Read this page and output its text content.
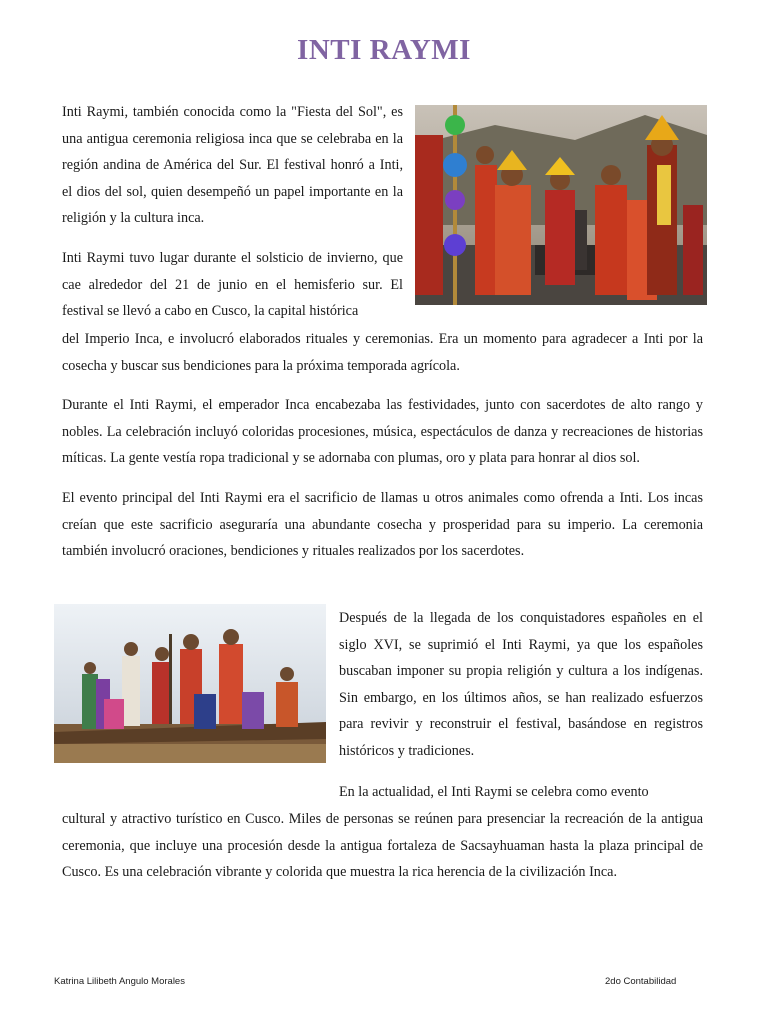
INTI RAYMI

Inti Raymi, también conocida como la "Fiesta del Sol", es una antigua ceremonia religiosa inca que se celebraba en la región andina de América del Sur. El festival honró a Inti, el dios del sol, quien desempeñó un papel importante en la religión y la cultura inca.

Inti Raymi tuvo lugar durante el solsticio de invierno, que cae alrededor del 21 de junio en el hemisferio sur. El festival se llevó a cabo en Cusco, la capital histórica

del Imperio Inca, e involucró elaborados rituales y ceremonias. Era un momento para agradecer a Inti por la cosecha y buscar sus bendiciones para la próxima temporada agrícola.

Durante el Inti Raymi, el emperador Inca encabezaba las festividades, junto con sacerdotes de alto rango y nobles. La celebración incluyó coloridas procesiones, música, espectáculos de danza y recreaciones de historias míticas. La gente vestía ropa tradicional y se adornaba con plumas, oro y plata para honrar al dios sol.

El evento principal del Inti Raymi era el sacrificio de llamas u otros animales como ofrenda a Inti. Los incas creían que este sacrificio aseguraría una abundante cosecha y prosperidad para su imperio. La ceremonia también involucró oraciones, bendiciones y rituales realizados por los sacerdotes.

Después de la llegada de los conquistadores españoles en el siglo XVI, se suprimió el Inti Raymi, ya que los españoles buscaban imponer su propia religión y cultura a los indígenas. Sin embargo, en los últimos años, se han realizado esfuerzos para revivir y reconstruir el festival, basándose en registros históricos y tradiciones.

En la actualidad, el Inti Raymi se celebra como evento

cultural y atractivo turístico en Cusco. Miles de personas se reúnen para presenciar la recreación de la antigua ceremonia, que incluye una procesión desde la antigua fortaleza de Sacsayhuaman hasta la plaza principal de Cusco. Es una celebración vibrante y colorida que muestra la rica herencia de la civilización Inca.

Katrina Lilibeth Angulo Morales	2do Contabilidad
